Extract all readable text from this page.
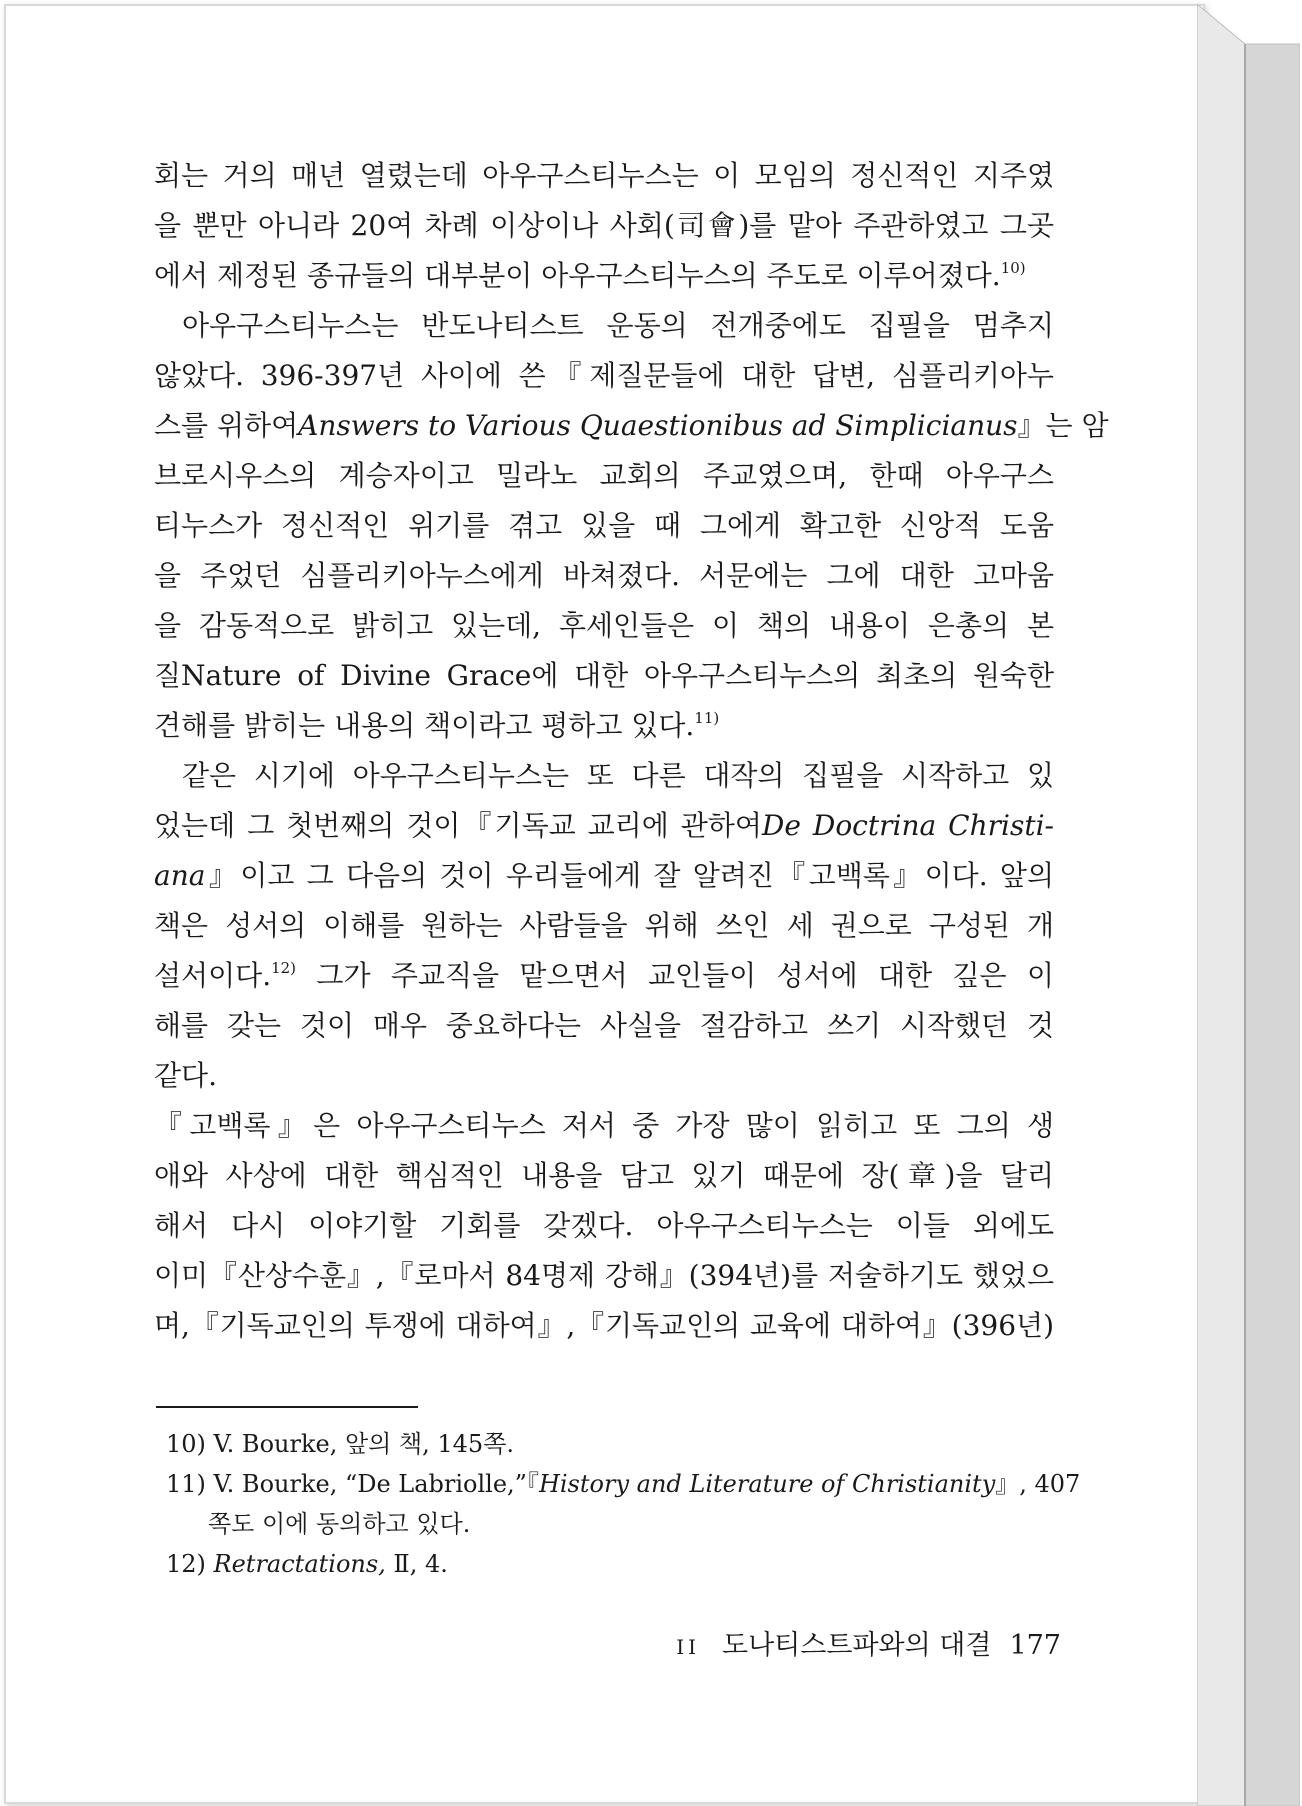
회는 거의 매년 열렸는데 아우구스티누스는 이 모임의 정신적인 지주였
을 뿐만 아니라 20여 차례 이상이나 사회(司會)를 맡아 주관하였고 그곳
에서 제정된 종규들의 대부분이 아우구스티누스의 주도로 이루어졌다.$^{10)}$
아우구스티누스는 반도나티스트 운동의 전개중에도 집필을 멈추지
않았다. 396-397년 사이에 쓴『제질문들에 대한 답변, 심플리키아누
스를 위하여Answers to Various Quaestionibus ad Simplicianus』는 암
브로시우스의 계승자이고 밀라노 교회의 주교였으며, 한때 아우구스
티누스가 정신적인 위기를 겪고 있을 때 그에게 확고한 신앙적 도움
을 주었던 심플리키아누스에게 바쳐졌다. 서문에는 그에 대한 고마움
을 감동적으로 밝히고 있는데, 후세인들은 이 책의 내용이 은총의 본
질Nature of Divine Grace에 대한 아우구스티누스의 최초의 원숙한
견해를 밝히는 내용의 책이라고 평하고 있다.$^{11)}$
같은 시기에 아우구스티누스는 또 다른 대작의 집필을 시작하고 있
었는데 그 첫번째의 것이『기독교 교리에 관하여De Doctrina Christi-
ana』이고 그 다음의 것이 우리들에게 잘 알려진『고백록』이다. 앞의
책은 성서의 이해를 원하는 사람들을 위해 쓰인 세 권으로 구성된 개
설서이다.$^{12)}$ 그가 주교직을 맡으면서 교인들이 성서에 대한 깊은 이
해를 갖는 것이 매우 중요하다는 사실을 절감하고 쓰기 시작했던 것
같다.
『고백록』은 아우구스티누스 저서 중 가장 많이 읽히고 또 그의 생
애와 사상에 대한 핵심적인 내용을 담고 있기 때문에 장(章)을 달리
해서 다시 이야기할 기회를 갖겠다. 아우구스티누스는 이들 외에도
이미『산상수훈』,『로마서 84명제 강해』(394년)를 저술하기도 했었으
며,『기독교인의 투쟁에 대하여』,『기독교인의 교육에 대하여』(396년)
10) V. Bourke, 앞의 책, 145쪽.
11) V. Bourke, “De Labriolle,”『History and Literature of Christianity』, 407
쪽도 이에 동의하고 있다.
12) Retractations, Ⅱ, 4.
II 도나티스트파와의 대결 177
